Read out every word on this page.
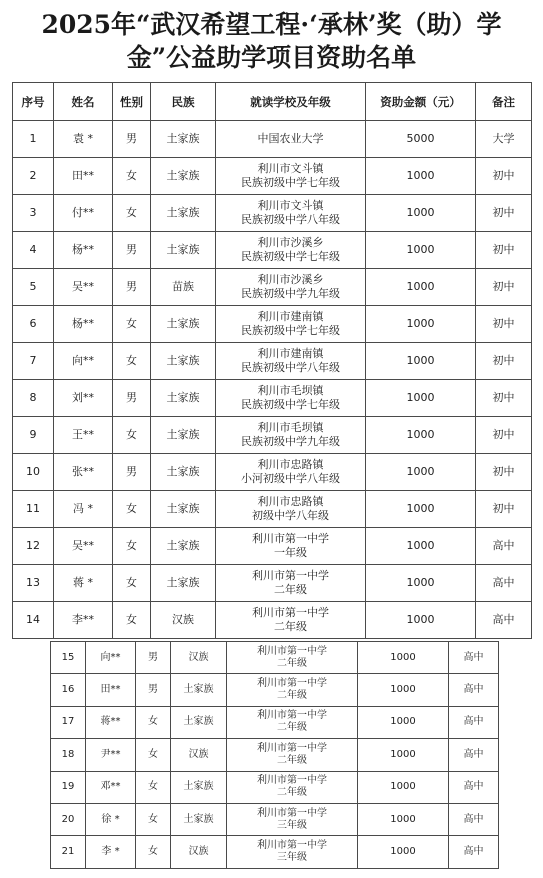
2025年“武汉希望工程·‘承林’奖（助）学
金”公益助学项目资助名单
序号	姓名	性别	民族	就读学校及年级	资助金额（元）	备注
1	袁 *	男	土家族	中国农业大学	5000	大学
2	田**	女	土家族	利川市文斗镇
民族初级中学七年级	1000	初中
3	付**	女	土家族	利川市文斗镇
民族初级中学八年级	1000	初中
4	杨**	男	土家族	利川市沙溪乡
民族初级中学七年级	1000	初中
5	吴**	男	苗族	利川市沙溪乡
民族初级中学九年级	1000	初中
6	杨**	女	土家族	利川市建南镇
民族初级中学七年级	1000	初中
7	向**	女	土家族	利川市建南镇
民族初级中学八年级	1000	初中
8	刘**	男	土家族	利川市毛坝镇
民族初级中学七年级	1000	初中
9	王**	女	土家族	利川市毛坝镇
民族初级中学九年级	1000	初中
10	张**	男	土家族	利川市忠路镇
小河初级中学八年级	1000	初中
11	冯 *	女	土家族	利川市忠路镇
初级中学八年级	1000	初中
12	吴**	女	土家族	利川市第一中学
一年级	1000	高中
13	蒋 *	女	土家族	利川市第一中学
二年级	1000	高中
14	李**	女	汉族	利川市第一中学
二年级	1000	高中
15	向**	男	汉族	利川市第一中学
二年级	1000	高中
16	田**	男	土家族	利川市第一中学
二年级	1000	高中
17	蒋**	女	土家族	利川市第一中学
二年级	1000	高中
18	尹**	女	汉族	利川市第一中学
二年级	1000	高中
19	邓**	女	土家族	利川市第一中学
二年级	1000	高中
20	徐 *	女	土家族	利川市第一中学
三年级	1000	高中
21	李 *	女	汉族	利川市第一中学
三年级	1000	高中
